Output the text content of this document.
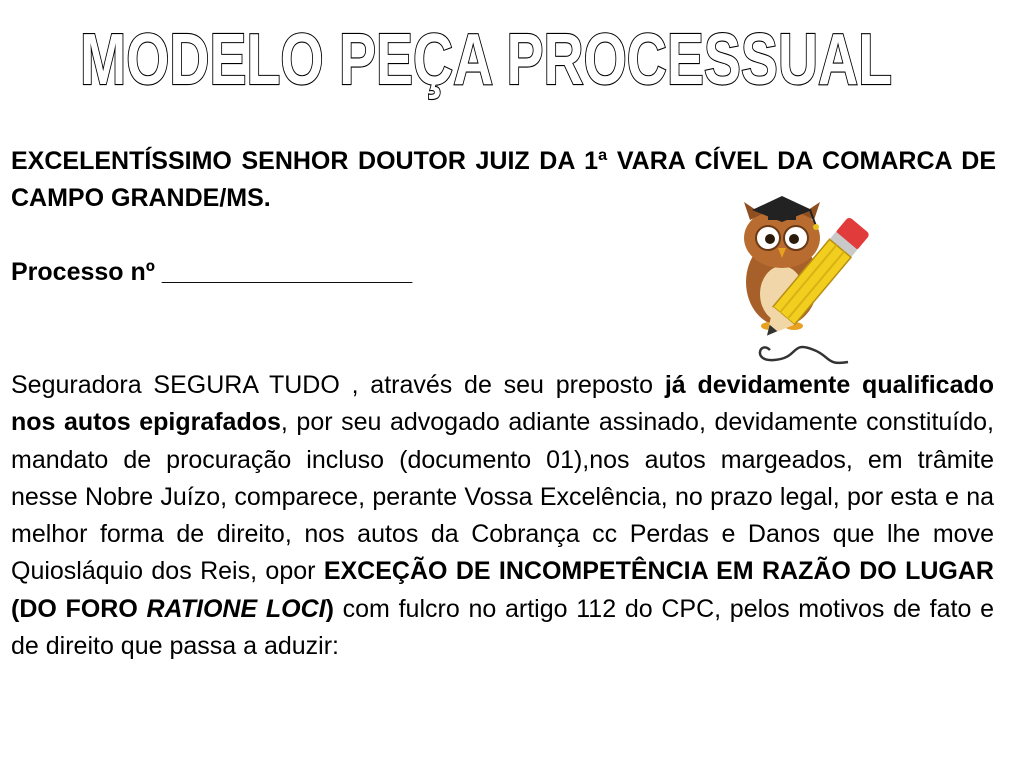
MODELO PEÇA PROCESSUAL

EXCELENTÍSSIMO SENHOR DOUTOR JUIZ DA 1ª VARA CÍVEL DA COMARCA DE CAMPO GRANDE/MS.

Processo nº __________________

Seguradora SEGURA TUDO , através de seu preposto já devidamente qualificado nos autos epigrafados, por seu advogado adiante assinado, devidamente constituído, mandato de procuração incluso (documento 01),nos autos margeados, em trâmite nesse Nobre Juízo, comparece, perante Vossa Excelência, no prazo legal, por esta e na melhor forma de direito, nos autos da Cobrança cc Perdas e Danos que lhe move Quiosláquio dos Reis, opor EXCEÇÃO DE INCOMPETÊNCIA EM RAZÃO DO LUGAR (DO FORO RATIONE LOCI) com fulcro no artigo 112 do CPC, pelos motivos de fato e de direito que passa a aduzir:
